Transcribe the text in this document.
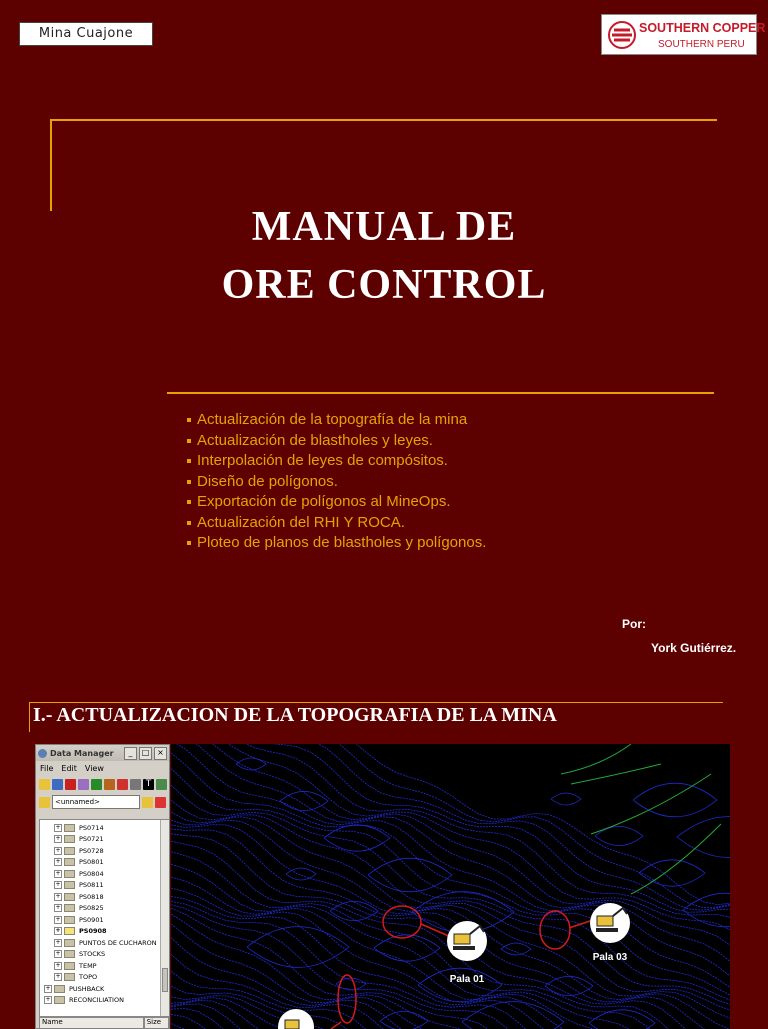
Mina Cuajone	SOUTHERN COPPER
SOUTHERN PERU
MANUAL DE
ORE CONTROL
Actualización de la topografía de la mina
Actualización de blastholes y leyes.
Interpolación de leyes de compósitos.
Diseño de polígonos.
Exportación de polígonos al MineOps.
Actualización del RHI Y ROCA.
Ploteo de planos de blastholes y polígonos.
Por:
York Gutiérrez.
I.- ACTUALIZACION DE LA TOPOGRAFIA DE LA MINA
Data Manager	_	□ ×
File Edit View
T
<unnamed>
+	PS0714
+	PS0721
+	PS0728
+	PS0801
+	PS0804
+	PS0811
+	PS0818
+	PS0825
+	PS0901
+	PS0908
+	PUNTOS DE CUCHARON
+	STOCKS
+	TEMP
+	TOPO
+	PUSHBACK
+	RECONCILIATION
Name	Size
Pala 01
Pala 03
